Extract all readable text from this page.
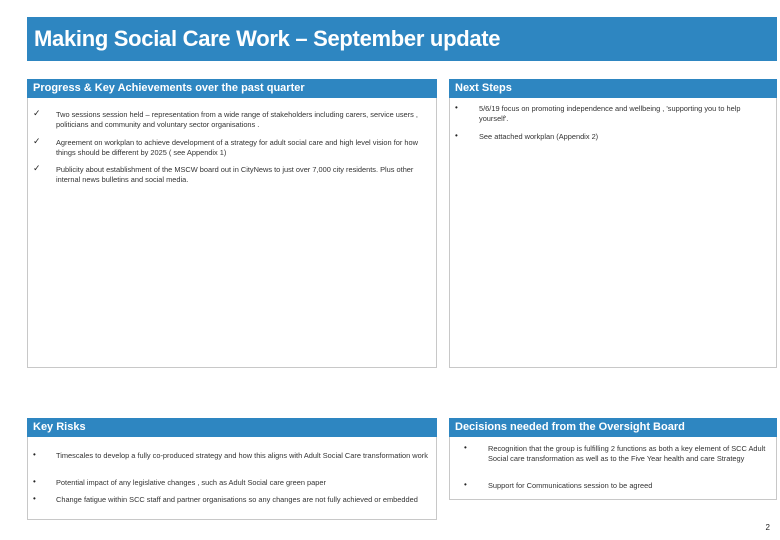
Making Social Care Work – September update
Progress & Key Achievements over the past quarter
✓ Two sessions session held – representation from a wide range of stakeholders including carers, service users , politicians and community and voluntary sector organisations .
✓ Agreement on workplan to achieve development of a strategy for adult social care and high level vision for how things should be different by 2025 ( see Appendix 1)
✓ Publicity about establishment of the MSCW board out in CityNews to just over 7,000 city residents. Plus other internal news bulletins and social media.
Next Steps
•	5/6/19 focus on promoting independence and wellbeing , 'supporting you to help yourself'.
•	See attached workplan (Appendix 2)
Key Risks
•	Timescales to develop a fully co-produced strategy and how this aligns with Adult Social Care transformation work
•	Potential impact of any legislative changes , such as Adult Social care green paper
•	Change fatigue within SCC staff and partner organisations so any changes are not fully achieved or embedded
Decisions needed from the Oversight Board
•	Recognition that the group is fulfilling 2 functions as both a key element of SCC Adult Social care transformation as well as to the Five Year health and care Strategy
•	Support for Communications session to be agreed
2
